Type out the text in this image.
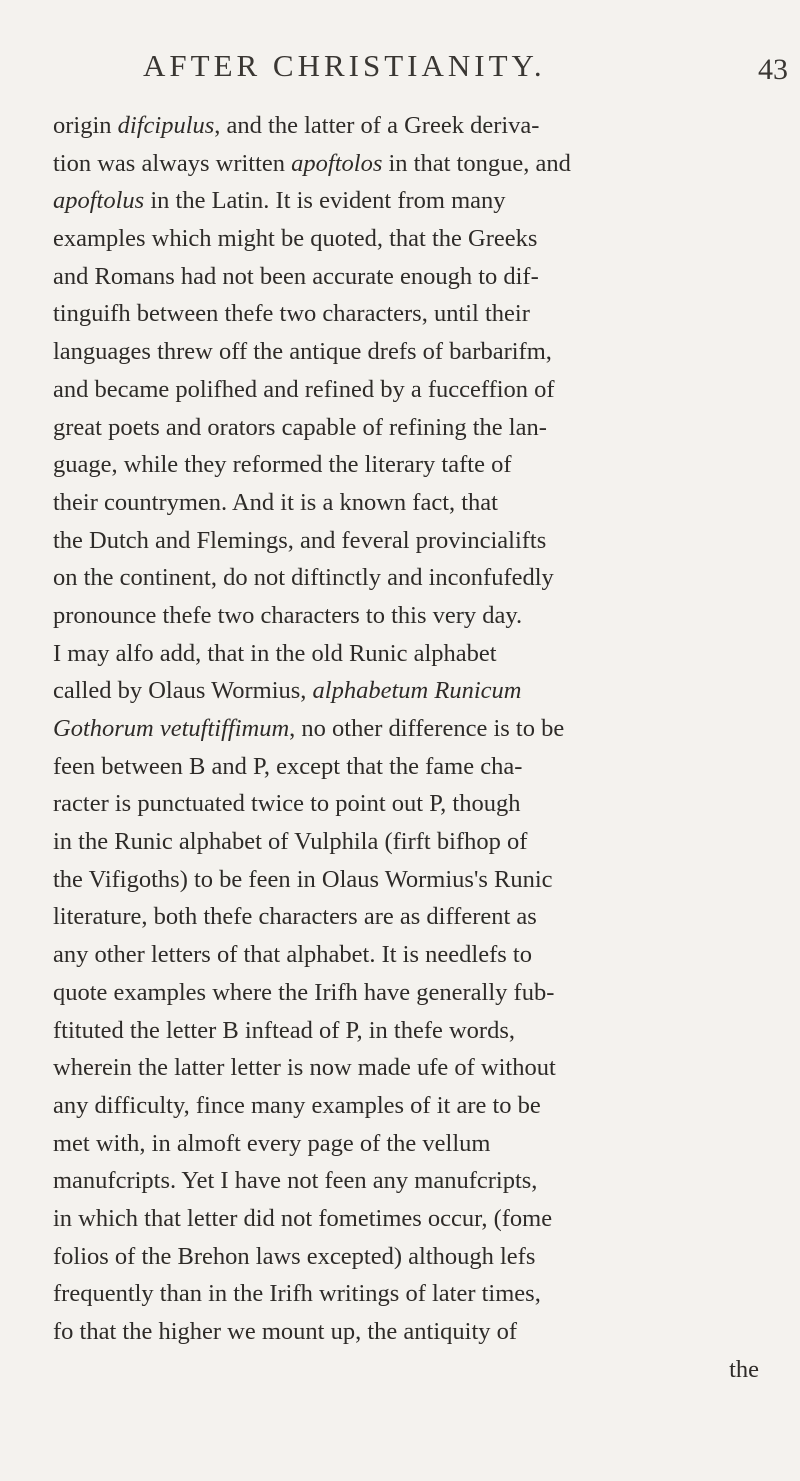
AFTER CHRISTIANITY.	43
origin difcipulus, and the latter of a Greek deriva-
tion was always written apoftolos in that tongue, and
apoftolus in the Latin. It is evident from many
examples which might be quoted, that the Greeks
and Romans had not been accurate enough to dif-
tinguifh between thefe two characters, until their
languages threw off the antique drefs of barbarifm,
and became polifhed and refined by a fucceffion of
great poets and orators capable of refining the lan-
guage, while they reformed the literary tafte of
their countrymen. And it is a known fact, that
the Dutch and Flemings, and feveral provincialifts
on the continent, do not diftinctly and inconfufedly
pronounce thefe two characters to this very day.
I may alfo add, that in the old Runic alphabet
called by Olaus Wormius, alphabetum Runicum
Gothorum vetuftiffimum, no other difference is to be
feen between B and P, except that the fame cha-
racter is punctuated twice to point out P, though
in the Runic alphabet of Vulphila (firft bifhop of
the Vifigoths) to be feen in Olaus Wormius's Runic
literature, both thefe characters are as different as
any other letters of that alphabet. It is needlefs to
quote examples where the Irifh have generally fub-
ftituted the letter B inftead of P, in thefe words,
wherein the latter letter is now made ufe of without
any difficulty, fince many examples of it are to be
met with, in almoft every page of the vellum
manufcripts. Yet I have not feen any manufcripts,
in which that letter did not fometimes occur, (fome
folios of the Brehon laws excepted) although lefs
frequently than in the Irifh writings of later times,
fo that the higher we mount up, the antiquity of
the
